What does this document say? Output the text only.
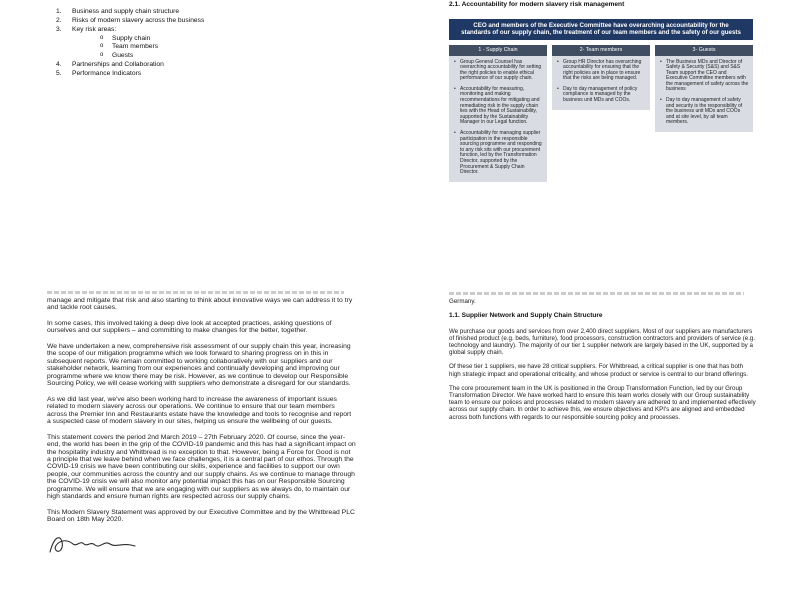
1.	Business and supply chain structure
2.	Risks of modern slavery across the business
3.	Key risk areas:
o	Supply chain
o	Team members
o	Guests
4.	Partnerships and Collaboration
5.	Performance Indicators

manage and mitigate that risk and also starting to think about innovative ways we can address it to try and tackle root causes.

In some cases, this involved taking a deep dive look at accepted practices, asking questions of ourselves and our suppliers – and committing to make changes for the better, together.

We have undertaken a new, comprehensive risk assessment of our supply chain this year, increasing the scope of our mitigation programme which we look forward to sharing progress on in this in subsequent reports. We remain committed to working collaboratively with our suppliers and our stakeholder network, learning from our experiences and continually developing and improving our programme where we know there may be risk. However, as we continue to develop our Responsible Sourcing Policy, we will cease working with suppliers who demonstrate a disregard for our standards.

As we did last year, we've also been working hard to increase the awareness of important issues related to modern slavery across our operations. We continue to ensure that our team members across the Premier Inn and Restaurants estate have the knowledge and tools to recognise and report a suspected case of modern slavery in our sites, helping us ensure the wellbeing of our guests.

This statement covers the period 2nd March 2019 – 27th February 2020. Of course, since the year-end, the world has been in the grip of the COVID-19 pandemic and this has had a significant impact on the hospitality industry and Whitbread is no exception to that. However, being a Force for Good is not a principle that we leave behind when we face challenges, it is a central part of our ethos. Through the COVID-19 crisis we have been contributing our skills, experience and facilities to support our own people, our communities across the country and our supply chains. As we continue to manage through the COVID-19 crisis we will also monitor any potential impact this has on our Responsible Sourcing programme. We will ensure that we are engaging with our suppliers as we always do, to maintain our high standards and ensure human rights are respected across our supply chains.

This Modern Slavery Statement was approved by our Executive Committee and by the Whitbread PLC Board on 18th May 2020.

2.1. Accountability for modern slavery risk management
CEO and members of the Executive Committee have overarching accountability for the standards of our supply chain, the treatment of our team members and the safety of our guests
1 - Supply Chain
• Group General Counsel has overarching accountability for setting the right policies to enable ethical performance of our supply chain.
• Accountability for measuring, monitoring and making recommendations for mitigating and remediating risk in the supply chain lies with the Head of Sustainability, supported by the Sustainability Manager in our Legal function.
• Accountability for managing supplier participation in the responsible sourcing programme and responding to any risk sits with our procurement function, led by the Transformation Director, supported by the Procurement & Supply Chain Director.
2- Team members
• Group HR Director has overarching accountability for ensuring that the right policies are in place to ensure that the risks are being managed.
• Day to day management of policy compliance is managed by the business unit MDs and COOs.
3- Guests
• The Business MDs and Director of Safety & Security (S&S) and S&S Team support the CEO and Executive Committee members with the management of safety across the business
• Day to day management of safety and security is the responsibility of the business unit MDs and COOs and at site level, by all team members.

Germany.

1.1. Supplier Network and Supply Chain Structure

We purchase our goods and services from over 2,400 direct suppliers. Most of our suppliers are manufacturers of finished product (e.g. beds, furniture), food processors, construction contractors and providers of service (e.g. technology and laundry). The majority of our tier 1 supplier network are largely based in the UK, supported by a global supply chain.

Of these tier 1 suppliers, we have 28 critical suppliers. For Whitbread, a critical supplier is one that has both high strategic impact and operational criticality, and whose product or service is central to our brand offerings.

The core procurement team in the UK is positioned in the Group Transformation Function, led by our Group Transformation Director. We have worked hard to ensure this team works closely with our Group sustainability team to ensure our polices and processes related to modern slavery are adhered to and implemented effectively across our supply chain. In order to achieve this, we ensure objectives and KPI's are aligned and embedded across both functions with regards to our responsible sourcing policy and processes.
